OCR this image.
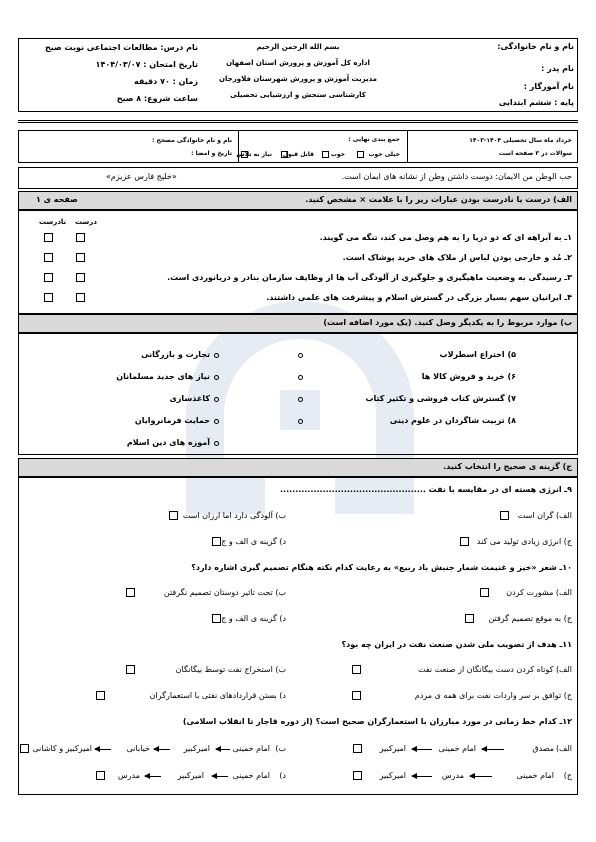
نام و نام خانوادگی:
نام پدر :
نام آموزگار :
پایه : ششم ابتدایی
بسم الله الرحمن الرحیم
اداره کل آموزش و پرورش استان اصفهان
مدیریت آموزش و پرورش شهرستان فلاورجان
کارشناسی سنجش و ارزشیابی تحصیلی
نام درس: مطالعات اجتماعی نوبت صبح
تاریخ امتحان : ۱۴۰۴/۰۳/۰۷
زمان : ۷۰ دقیقه
ساعت شروع: ۸ صبح
خرداد ماه سال تحصیلی ۱۴۰۴-۱۴۰۳
سوالات در ۳ صفحه است
جمع بندی نهایی :
خیلی خوب
خوب
قابل قبول
نیاز به تلاش
نام و نام خانوادگی مصحح :
تاریخ و امضا :
حب الوطن من الایمان: دوست داشتن وطن از نشانه های ایمان است.
«خلیج فارس عزیزم»
الف) درست یا نادرست بودن عبارات زیر را با علامت × مشخص کنید.
صفحه ی ۱
درست
نادرست
۱ـ به آبراهه ای که دو دریا را به هم وصل می کند، تنگه می گویند.
۲ـ مُد و خارجی بودن لباس از ملاک های خرید پوشاک است.
۳ـ رسیدگی به وضعیت ماهیگیری و جلوگیری از آلودگی آب ها از وظایف سازمان بنادر و دریانوردی است.
۴ـ ایرانیان سهم بسیار بزرگی در گسترش اسلام و پیشرفت های علمی داشتند.
ب) موارد مربوط را به یکدیگر وصل کنید. (یک مورد اضافه است)
۵) اختراع اسطرلاب
۶) خرید و فروش کالا ها
۷) گسترش کتاب فروشی و تکثیر کتاب
۸) تربیت شاگردان در علوم دینی
تجارت و بازرگانی
نیاز های جدید مسلمانان
کاغذسازی
حمایت فرمانروایان
آموزه های دین اسلام
ج) گزینه ی صحیح را انتخاب کنید.
۹ـ انرژی هسته ای در مقایسه با نفت ................................................
الف) گران است
ب) آلودگی دارد اما ارزان است
ج) انرژی زیادی تولید می کند
د) گزینه ی الف و ج
۱۰ـ شعر «خیز و غنیمت شمار جنبش باد ربیع» به رعایت کدام نکته هنگام تصمیم گیری اشاره دارد؟
الف) مشورت کردن
ب) تحت تاثیر دوستان تصمیم نگرفتن
ج) به موقع تصمیم گرفتن
د) گزینه ی الف و ج
۱۱ـ هدف از تصویب ملی شدن صنعت نفت در ایران چه بود؟
الف) کوتاه کردن دست بیگانگان از صنعت نفت
ب) استخراج نفت توسط بیگانگان
ج) توافق بر سر واردات نفت برای همه ی مردم
د) بستن قراردادهای نفتی با استعمارگران
۱۲ـ کدام خط زمانی در مورد مبارزان با استعمارگران صحیح است؟ (از دوره قاجار تا انقلاب اسلامی)
الف)
مصدق
امام خمینی
امیرکبیر
ب)
امام خمینی
امیرکبیر
خیابانی
امیرکبیر و کاشانی
ج)
امام خمینی
مدرس
امیرکبیر
د)
امام خمینی
امیرکبیر
مدرس
